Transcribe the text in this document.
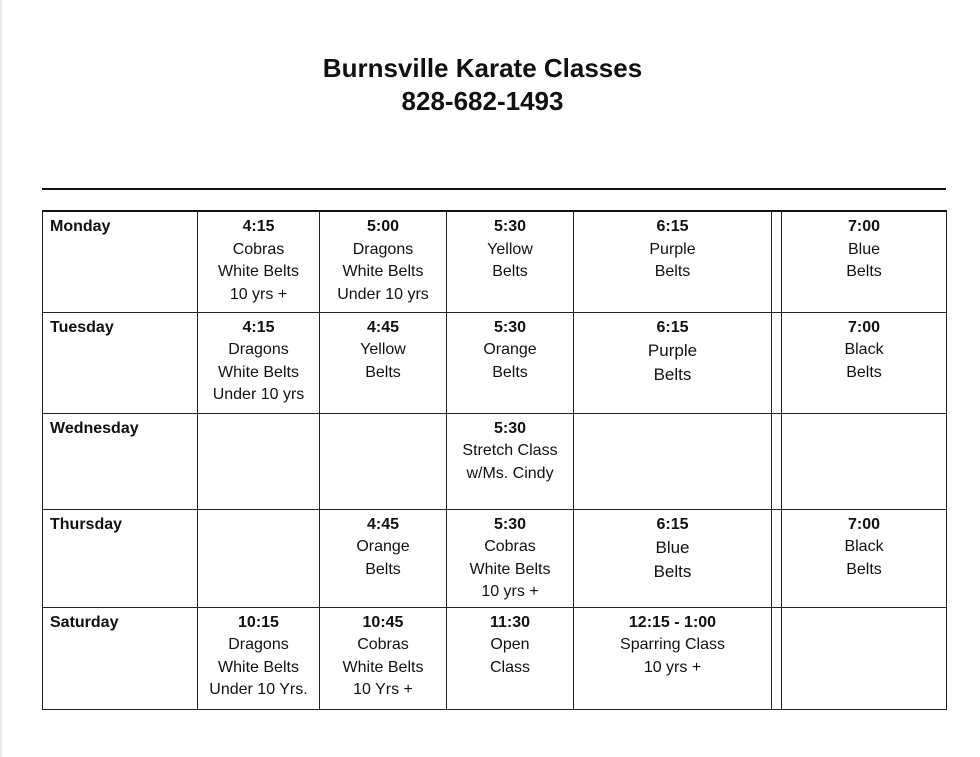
Burnsville Karate Classes
828-682-1493
Monday	4:15
Cobras
White Belts
10 yrs +	5:00
Dragons
White Belts
Under 10 yrs	5:30
Yellow
Belts	6:15
Purple
Belts		7:00
Blue
Belts

Tuesday	4:15
Dragons
White Belts
Under 10 yrs	4:45
Yellow
Belts	5:30
Orange
Belts	6:15
Purple
Belts		7:00
Black
Belts

Wednesday			5:30
Stretch Class
w/Ms. Cindy			

Thursday		4:45
Orange
Belts	5:30
Cobras
White Belts
10 yrs +	6:15
Blue
Belts		7:00
Black
Belts

Saturday	10:15
Dragons
White Belts
Under 10 Yrs.	10:45
Cobras
White Belts
10 Yrs +	11:30
Open
Class	12:15 - 1:00
Sparring Class
10 yrs +		
